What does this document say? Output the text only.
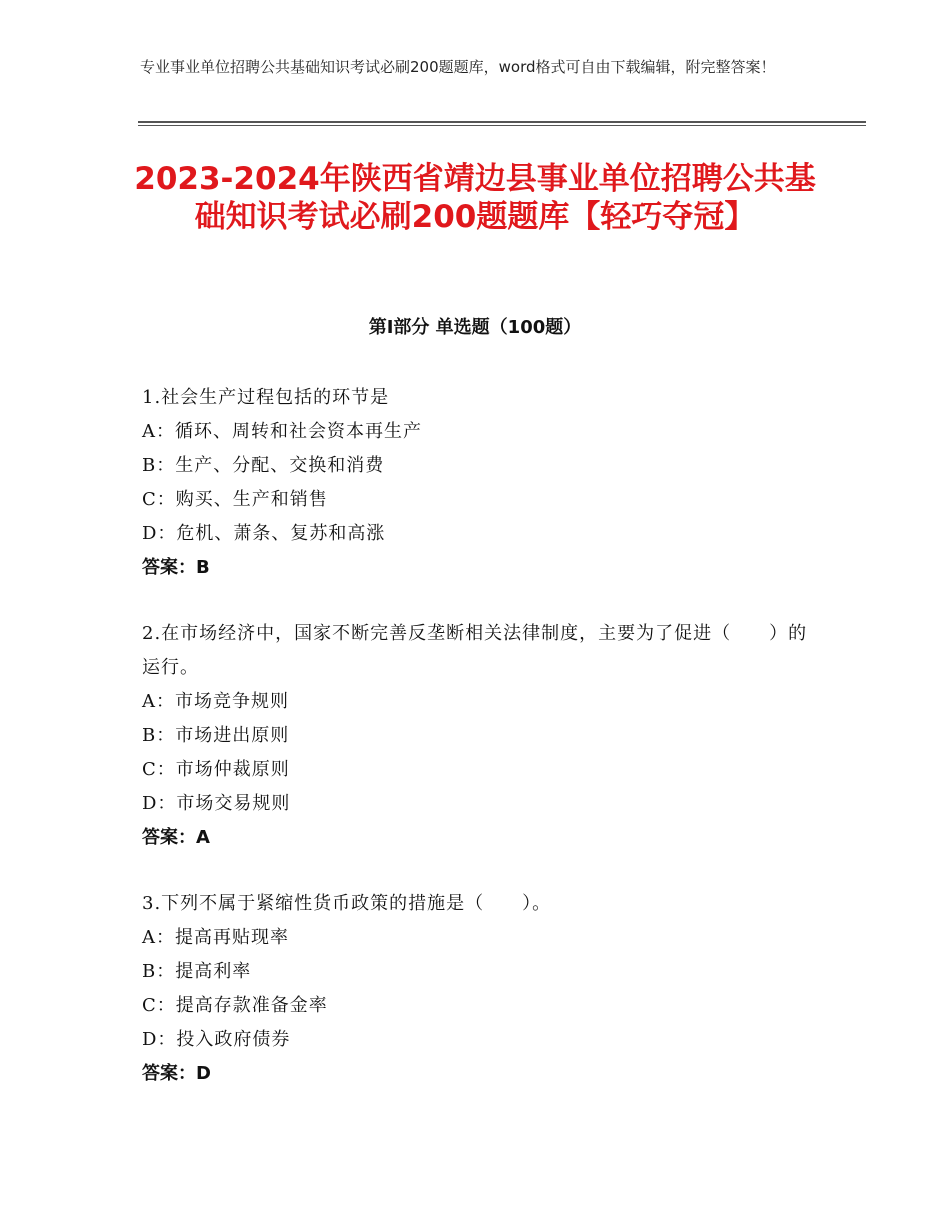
专业事业单位招聘公共基础知识考试必刷200题题库，word格式可自由下载编辑，附完整答案！
2023-2024年陕西省靖边县事业单位招聘公共基础知识考试必刷200题题库【轻巧夺冠】
第I部分 单选题（100题）
1.社会生产过程包括的环节是
A：循环、周转和社会资本再生产
B：生产、分配、交换和消费
C：购买、生产和销售
D：危机、萧条、复苏和高涨
答案：B
2.在市场经济中，国家不断完善反垄断相关法律制度，主要为了促进（　　）的运行。
A：市场竞争规则
B：市场进出原则
C：市场仲裁原则
D：市场交易规则
答案：A
3.下列不属于紧缩性货币政策的措施是（　　）。
A：提高再贴现率
B：提高利率
C：提高存款准备金率
D：投入政府债券
答案：D
